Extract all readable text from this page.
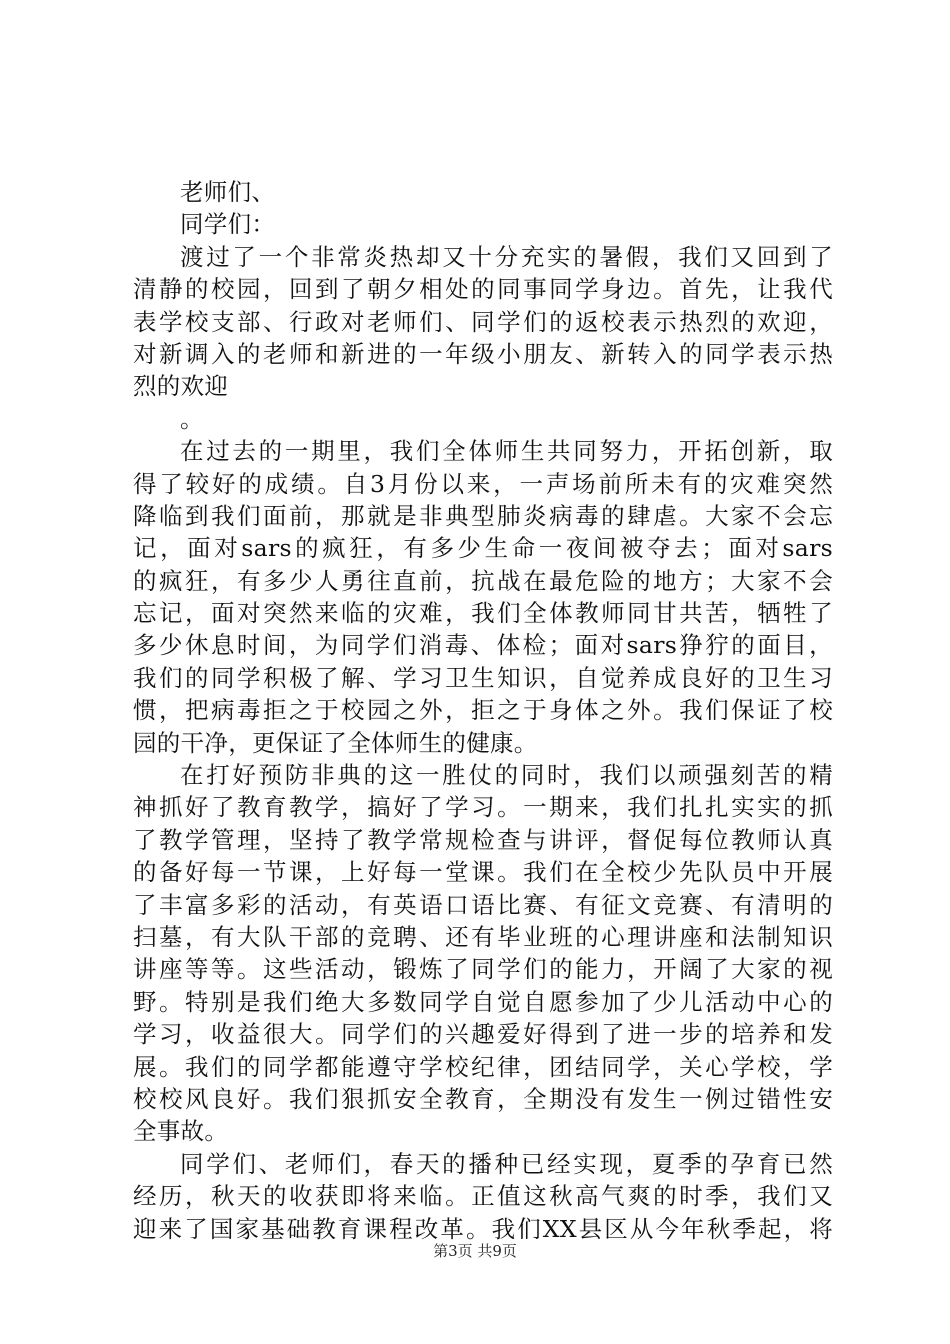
老师们、
同学们：
渡过了一个非常炎热却又十分充实的暑假，我们又回到了
清静的校园，回到了朝夕相处的同事同学身边。首先，让我代
表学校支部、行政对老师们、同学们的返校表示热烈的欢迎，
对新调入的老师和新进的一年级小朋友、新转入的同学表示热
烈的欢迎
。
在过去的一期里，我们全体师生共同努力，开拓创新，取
得了较好的成绩。自3月份以来，一声场前所未有的灾难突然
降临到我们面前，那就是非典型肺炎病毒的肆虐。大家不会忘
记，面对sars的疯狂，有多少生命一夜间被夺去；面对sars
的疯狂，有多少人勇往直前，抗战在最危险的地方；大家不会
忘记，面对突然来临的灾难，我们全体教师同甘共苦，牺牲了
多少休息时间，为同学们消毒、体检；面对sars狰狞的面目，
我们的同学积极了解、学习卫生知识，自觉养成良好的卫生习
惯，把病毒拒之于校园之外，拒之于身体之外。我们保证了校
园的干净，更保证了全体师生的健康。
在打好预防非典的这一胜仗的同时，我们以顽强刻苦的精
神抓好了教育教学，搞好了学习。一期来，我们扎扎实实的抓
了教学管理，坚持了教学常规检查与讲评，督促每位教师认真
的备好每一节课，上好每一堂课。我们在全校少先队员中开展
了丰富多彩的活动，有英语口语比赛、有征文竞赛、有清明的
扫墓，有大队干部的竞聘、还有毕业班的心理讲座和法制知识
讲座等等。这些活动，锻炼了同学们的能力，开阔了大家的视
野。特别是我们绝大多数同学自觉自愿参加了少儿活动中心的
学习，收益很大。同学们的兴趣爱好得到了进一步的培养和发
展。我们的同学都能遵守学校纪律，团结同学，关心学校，学
校校风良好。我们狠抓安全教育，全期没有发生一例过错性安
全事故。
同学们、老师们，春天的播种已经实现，夏季的孕育已然
经历，秋天的收获即将来临。正值这秋高气爽的时季，我们又
迎来了国家基础教育课程改革。我们XX县区从今年秋季起，将
第3页 共9页
